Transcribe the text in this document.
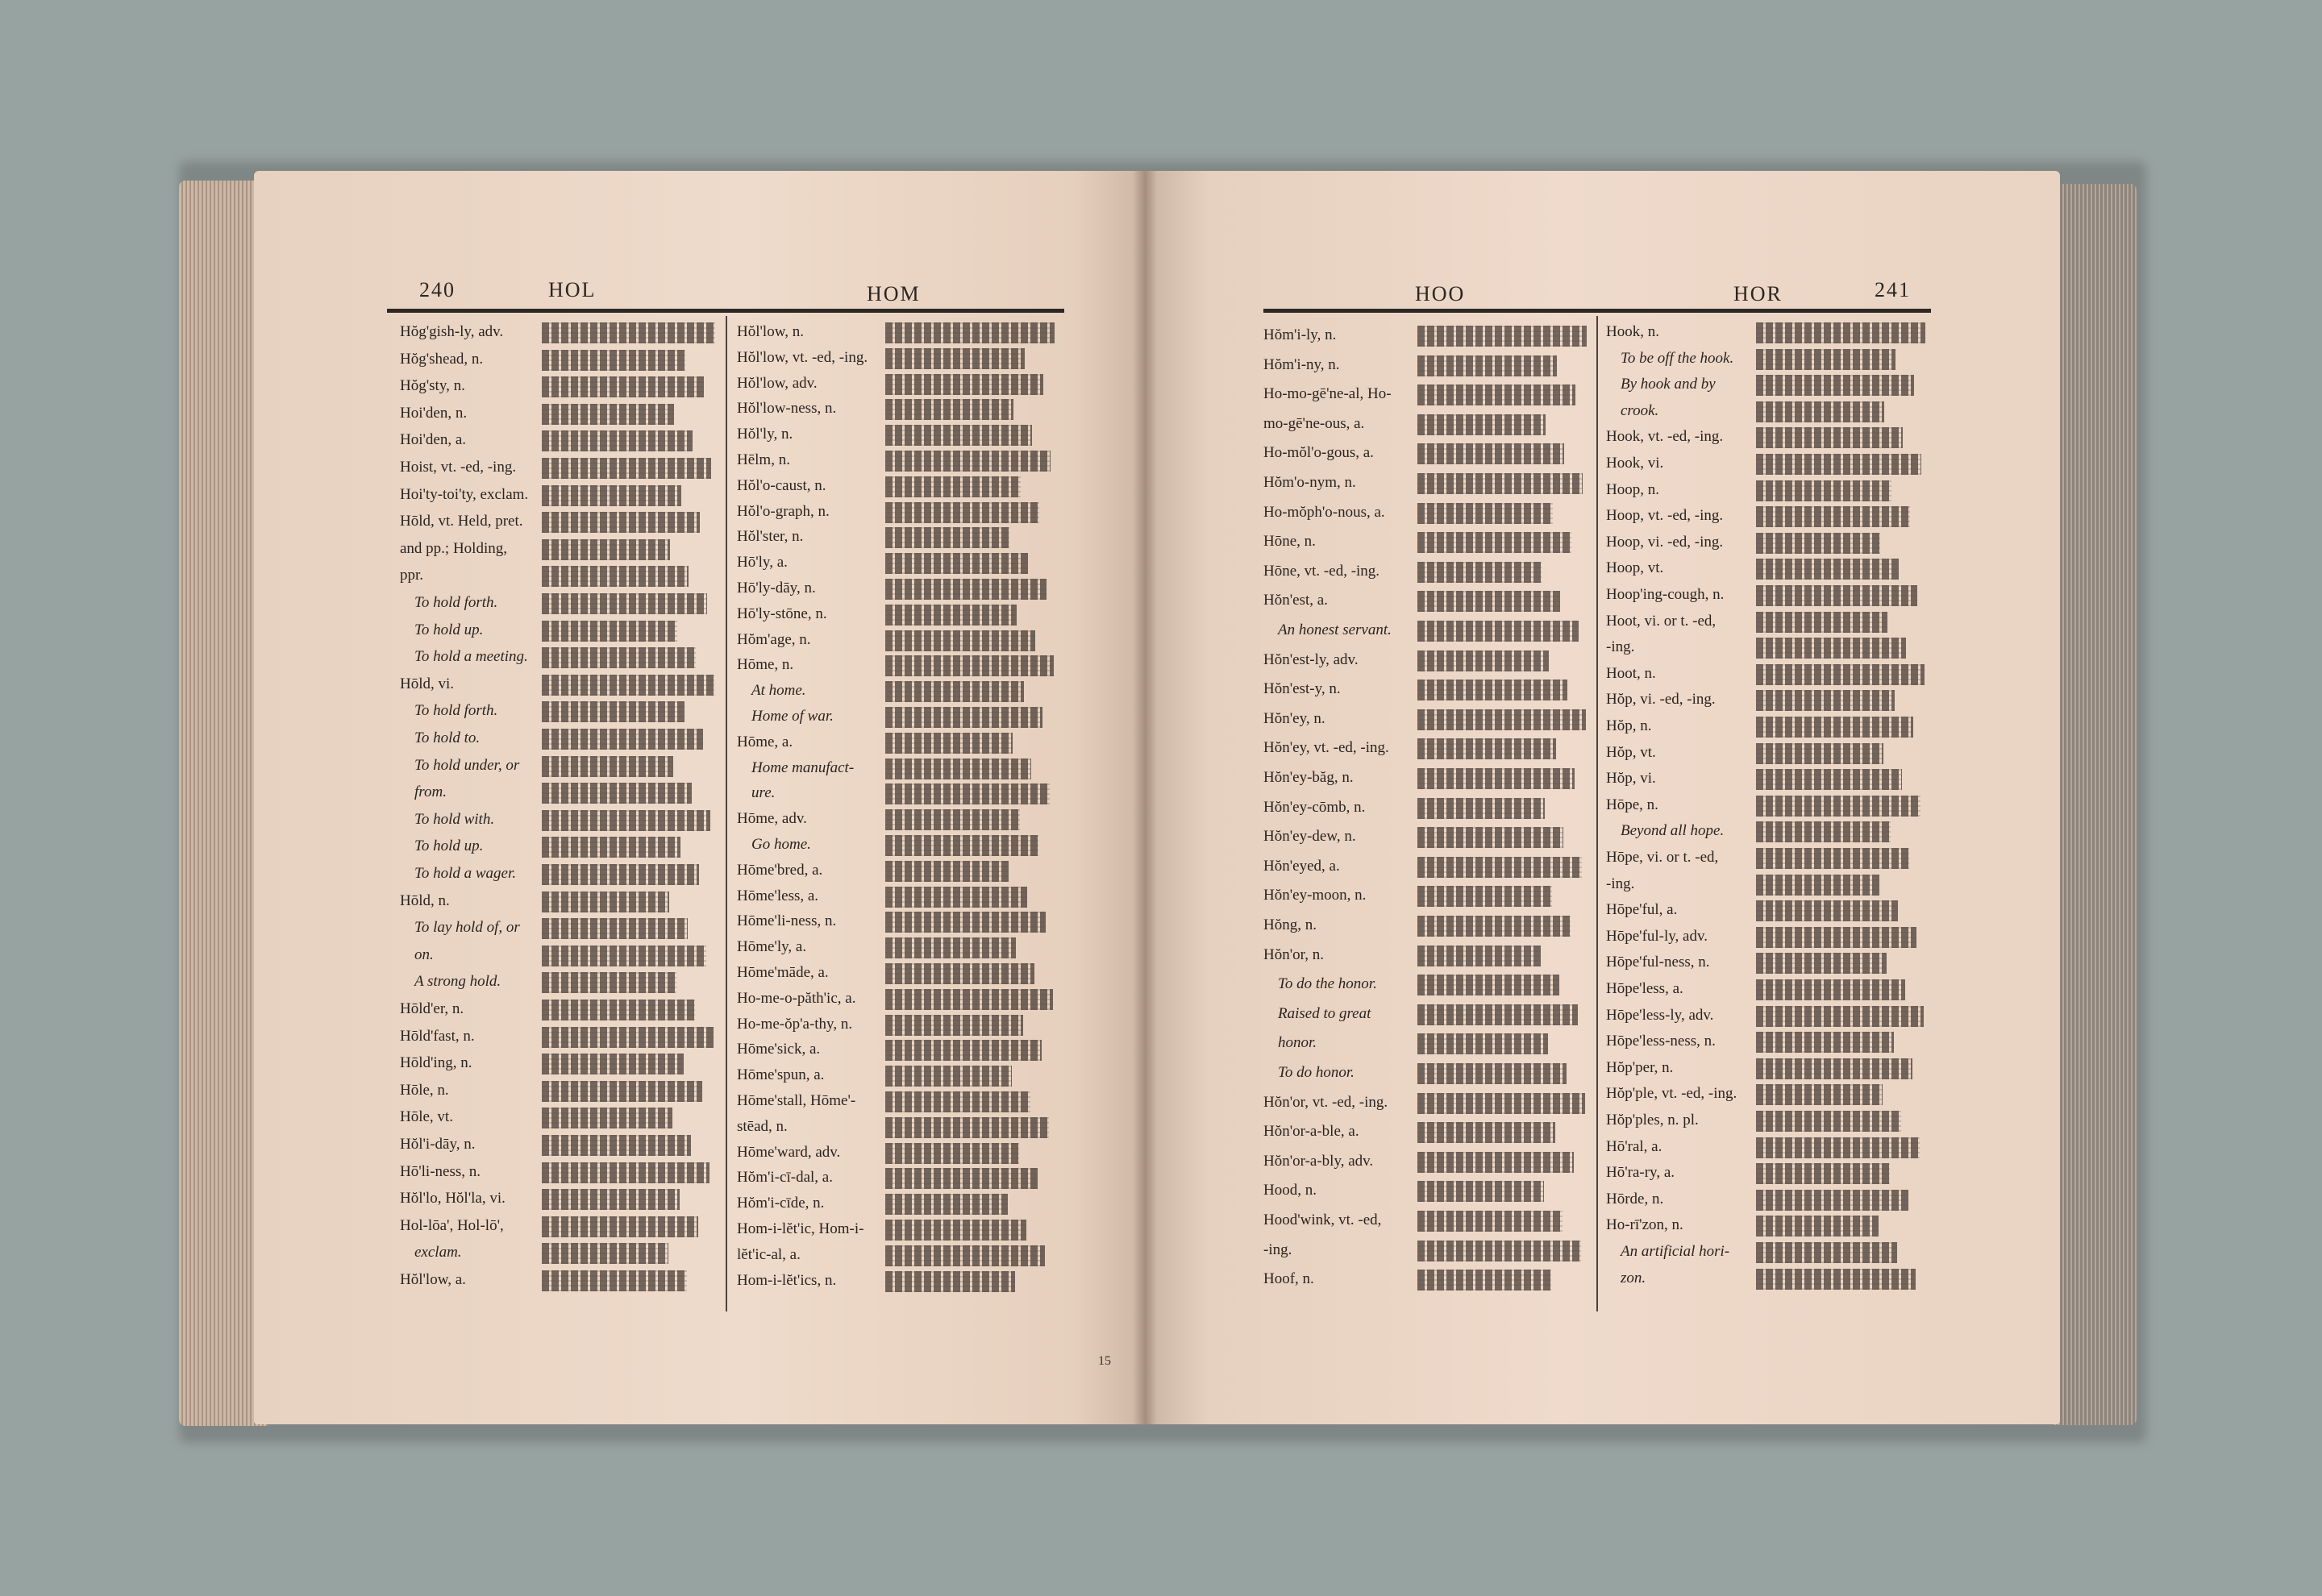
240	HOL	HOM	HOO	HOR	241
Hŏg'gish-ly, adv.
Hŏg'shead, n.
Hŏg'sty, n.
Hoi'den, n.
Hoi'den, a.
Hoist, vt. -ed, -ing.
Hoi'ty-toi'ty, exclam.
Hōld, vt. Held, pret.
and pp.; Holding,
ppr.
To hold forth.
To hold up.
To hold a meeting.
Hōld, vi.
To hold forth.
To hold to.
To hold under, or
from.
To hold with.
To hold up.
To hold a wager.
Hōld, n.
To lay hold of, or
on.
A strong hold.
Hōld'er, n.
Hōld'fast, n.
Hōld'ing, n.
Hōle, n.
Hōle, vt.
Hŏl'i-dāy, n.
Hō'li-ness, n.
Hŏl'lo, Hŏl'la, vi.
Hol-lōa', Hol-lō',
exclam.
Hŏl'low, a.
Hŏl'low, n.
Hŏl'low, vt. -ed, -ing.
Hŏl'low, adv.
Hŏl'low-ness, n.
Hŏl'ly, n.
Hēlm, n.
Hŏl'o-caust, n.
Hŏl'o-graph, n.
Hŏl'ster, n.
Hō'ly, a.
Hō'ly-dāy, n.
Hō'ly-stōne, n.
Hŏm'age, n.
Hōme, n.
At home.
Home of war.
Hōme, a.
Home manufact-
ure.
Hōme, adv.
Go home.
Hōme'bred, a.
Hōme'less, a.
Hōme'li-ness, n.
Hōme'ly, a.
Hōme'māde, a.
Ho-me-o-păth'ic, a.
Ho-me-ŏp'a-thy, n.
Hōme'sick, a.
Hōme'spun, a.
Hōme'stall, Hōme'-
stēad, n.
Hōme'ward, adv.
Hŏm'i-cī-dal, a.
Hŏm'i-cīde, n.
Hom-i-lĕt'ic, Hom-i-
lĕt'ic-al, a.
Hom-i-lĕt'ics, n.
Hŏm'i-ly, n.
Hŏm'i-ny, n.
Ho-mo-gē'ne-al, Ho-
mo-gē'ne-ous, a.
Ho-mŏl'o-gous, a.
Hŏm'o-nym, n.
Ho-mŏph'o-nous, a.
Hōne, n.
Hōne, vt. -ed, -ing.
Hŏn'est, a.
An honest servant.
Hŏn'est-ly, adv.
Hŏn'est-y, n.
Hŏn'ey, n.
Hŏn'ey, vt. -ed, -ing.
Hŏn'ey-băg, n.
Hŏn'ey-cōmb, n.
Hŏn'ey-dew, n.
Hŏn'eyed, a.
Hŏn'ey-moon, n.
Hŏng, n.
Hŏn'or, n.
To do the honor.
Raised to great
honor.
To do honor.
Hŏn'or, vt. -ed, -ing.
Hŏn'or-a-ble, a.
Hŏn'or-a-bly, adv.
Hood, n.
Hood'wink, vt. -ed,
-ing.
Hoof, n.
Hook, n.
To be off the hook.
By hook and by
crook.
Hook, vt. -ed, -ing.
Hook, vi.
Hoop, n.
Hoop, vt. -ed, -ing.
Hoop, vi. -ed, -ing.
Hoop, vt.
Hoop'ing-cough, n.
Hoot, vi. or t. -ed,
-ing.
Hoot, n.
Hŏp, vi. -ed, -ing.
Hŏp, n.
Hŏp, vt.
Hŏp, vi.
Hōpe, n.
Beyond all hope.
Hōpe, vi. or t. -ed,
-ing.
Hōpe'ful, a.
Hōpe'ful-ly, adv.
Hōpe'ful-ness, n.
Hōpe'less, a.
Hōpe'less-ly, adv.
Hōpe'less-ness, n.
Hŏp'per, n.
Hŏp'ple, vt. -ed, -ing.
Hŏp'ples, n. pl.
Hō'ral, a.
Hō'ra-ry, a.
Hōrde, n.
Ho-rī'zon, n.
An artificial hori-
zon.
15
